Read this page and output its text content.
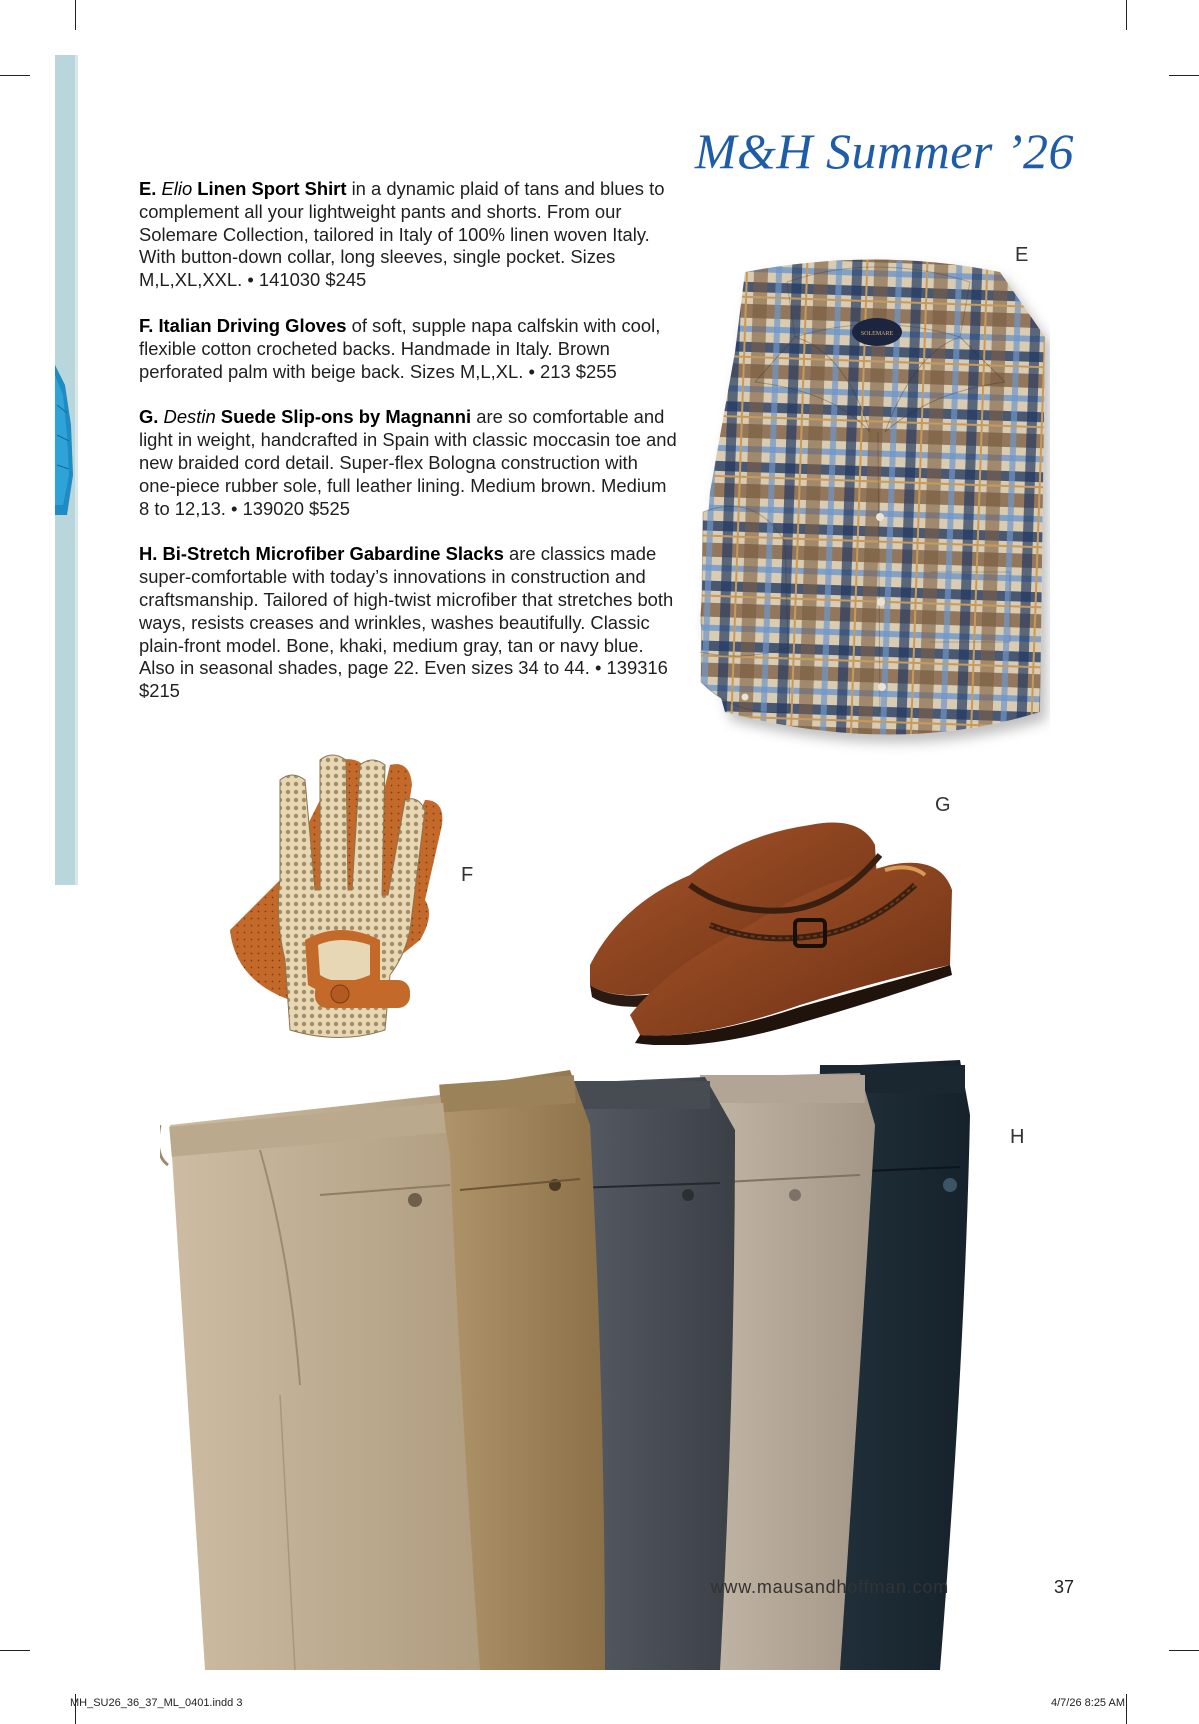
M&H Summer ’26

E. Elio Linen Sport Shirt in a dynamic plaid of tans and blues to complement all your lightweight pants and shorts. From our Solemare Collection, tailored in Italy of 100% linen woven Italy. With button-down collar, long sleeves, single pocket. Sizes M,L,XL,XXL. • 141030 $245

F. Italian Driving Gloves of soft, supple napa calfskin with cool, flexible cotton crocheted backs. Handmade in Italy. Brown perforated palm with beige back. Sizes M,L,XL. • 213 $255

G. Destin Suede Slip-ons by Magnanni are so comfortable and light in weight, handcrafted in Spain with classic moccasin toe and new braided cord detail. Super-flex Bologna construction with one-piece rubber sole, full leather lining. Medium brown. Medium 8 to 12,13. • 139020 $525

H. Bi-Stretch Microfiber Gabardine Slacks are classics made super-comfortable with today’s innovations in construction and craftsmanship. Tailored of high-twist microfiber that stretches both ways, resists creases and wrinkles, washes beautifully. Classic plain-front model. Bone, khaki, medium gray, tan or navy blue. Also in seasonal shades, page 22. Even sizes 34 to 44. • 139316 $215

SOLEMARE
E
F
G
H
www.mausandhoffman.com	37
MH_SU26_36_37_ML_0401.indd 3	4/7/26 8:25 AM
